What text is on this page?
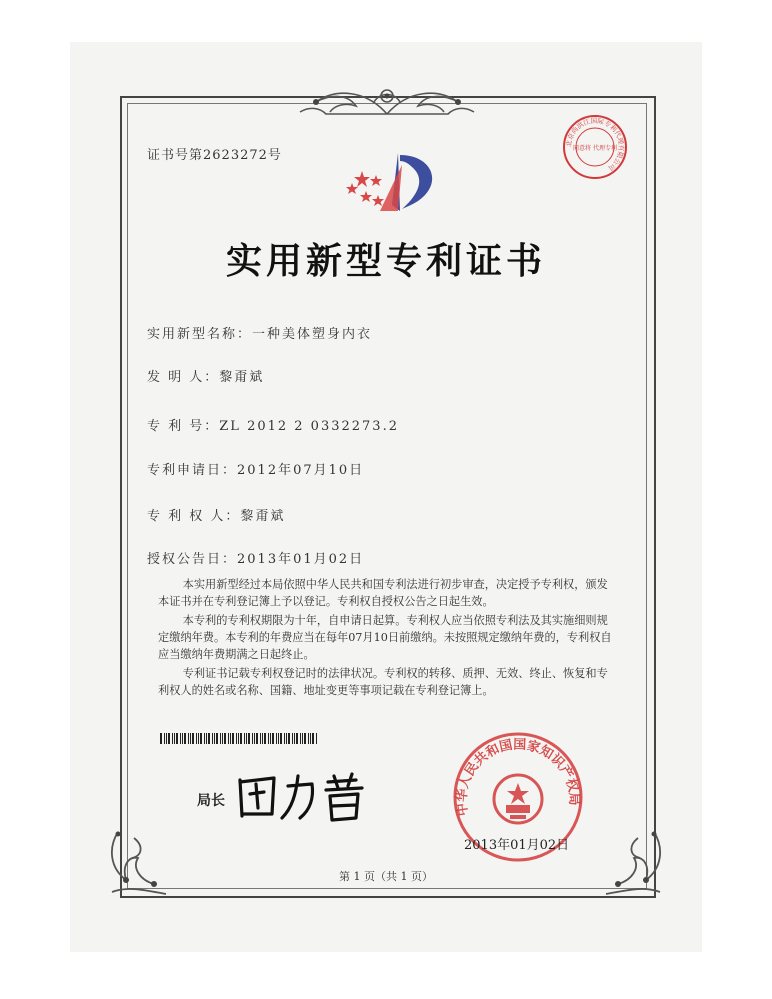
证书号第2623272号
北京尚洪江国际专利代理有限公司
同意将 代理专利
实用新型专利证书
实用新型名称：一种美体塑身内衣
发 明 人：黎甭斌
专 利 号：ZL 2012 2 0332273.2
专利申请日：2012年07月10日
专 利 权 人：黎甭斌
授权公告日：2013年01月02日

本实用新型经过本局依照中华人民共和国专利法进行初步审查，决定授予专利权，颁发本证书并在专利登记簿上予以登记。专利权自授权公告之日起生效。

本专利的专利权期限为十年，自申请日起算。专利权人应当依照专利法及其实施细则规定缴纳年费。本专利的年费应当在每年07月10日前缴纳。未按照规定缴纳年费的，专利权自应当缴纳年费期满之日起终止。

专利证书记载专利权登记时的法律状况。专利权的转移、质押、无效、终止、恢复和专利权人的姓名或名称、国籍、地址变更等事项记载在专利登记簿上。

局长
中华人民共和国国家知识产权局
2013年01月02日
第 1 页（共 1 页）
